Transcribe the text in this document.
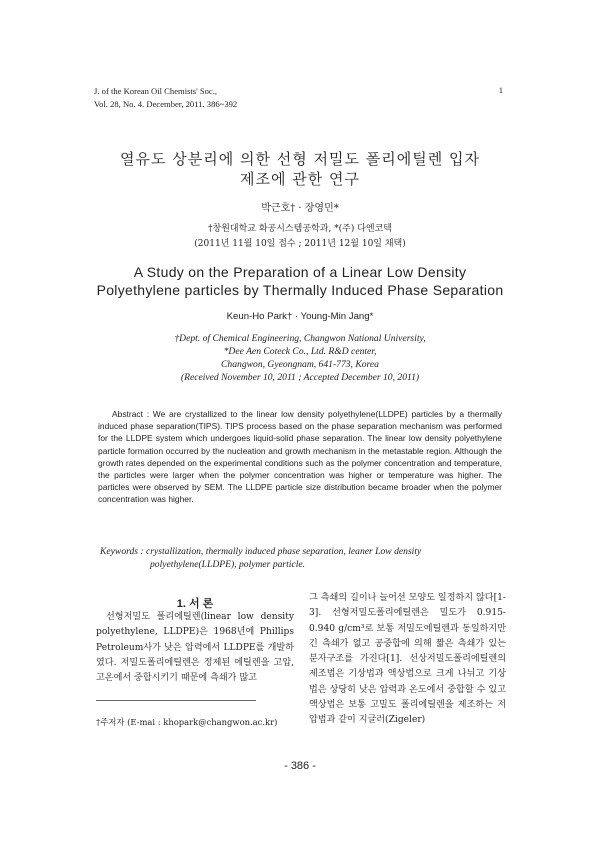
J. of the Korean Oil Chemists' Soc.,
Vol. 28, No. 4. December, 2011. 386~392
1
열유도 상분리에 의한 선형 저밀도 폴리에틸렌 입자
제조에 관한 연구
박근호† · 장영민*
†창원대학교 화공시스템공학과, *(주) 다엔코텍
(2011년 11월 10일 접수 ; 2011년 12월 10일 채택)
A Study on the Preparation of a Linear Low Density
Polyethylene particles by Thermally Induced Phase Separation
Keun-Ho Park† · Young-Min Jang*
†Dept. of Chemical Engineering, Changwon National University,
*Dee Aen Coteck Co., Ltd. R&D center,
Changwon, Gyeongnam, 641-773, Korea
(Received November 10, 2011 ; Accepted December 10, 2011)

Abstract : We are crystallized to the linear low density polyethylene(LLDPE) particles by a thermally induced phase separation(TIPS). TIPS process based on the phase separation mechanism was performed for the LLDPE system which undergoes liquid-solid phase separation. The linear low density polyethylene particle formation occurred by the nucleation and growth mechanism in the metastable region. Although the growth rates depended on the experimental conditions such as the polymer concentration and temperature, the particles were larger when the polymer concentration was higher or temperature was higher. The particles were observed by SEM. The LLDPE particle size distribution became broader when the polymer concentration was higher.

Keywords : crystallization, thermally induced phase separation, leaner Low density
polyethylene(LLDPE), polymer particle.
1. 서 론

선형저밀도 폴리에틸렌(linear low density polyethylene, LLDPE)은 1968년에 Phillips Petroleum사가 낮은 압력에서 LLDPE를 개발하였다. 저밀도폴리에틸렌은 정제된 에틸렌을 고압, 고온에서 중합시키기 때문에 측쇄가 많고

그 측쇄의 길이나 늘어선 모양도 일정하지 않다[1-3]. 선형저밀도폴리에틸렌은 밀도가 0.915-0.940 g/cm³로 보통 저밀도에틸렌과 동일하지만 긴 측쇄가 없고 공중합에 의해 짧은 측쇄가 있는 분자구조를 가진다[1]. 선상저밀도폴리에틸렌의 제조법은 기상법과 액상법으로 크게 나뉘고 기상법은 상당히 낮은 압력과 온도에서 중합할 수 있고 액상법은 보통 고밀도 폴리에틸렌을 제조하는 저압법과 같이 지글러(Zigeler)

†주저자 (E-mai : khopark@changwon.ac.kr)
- 386 -
